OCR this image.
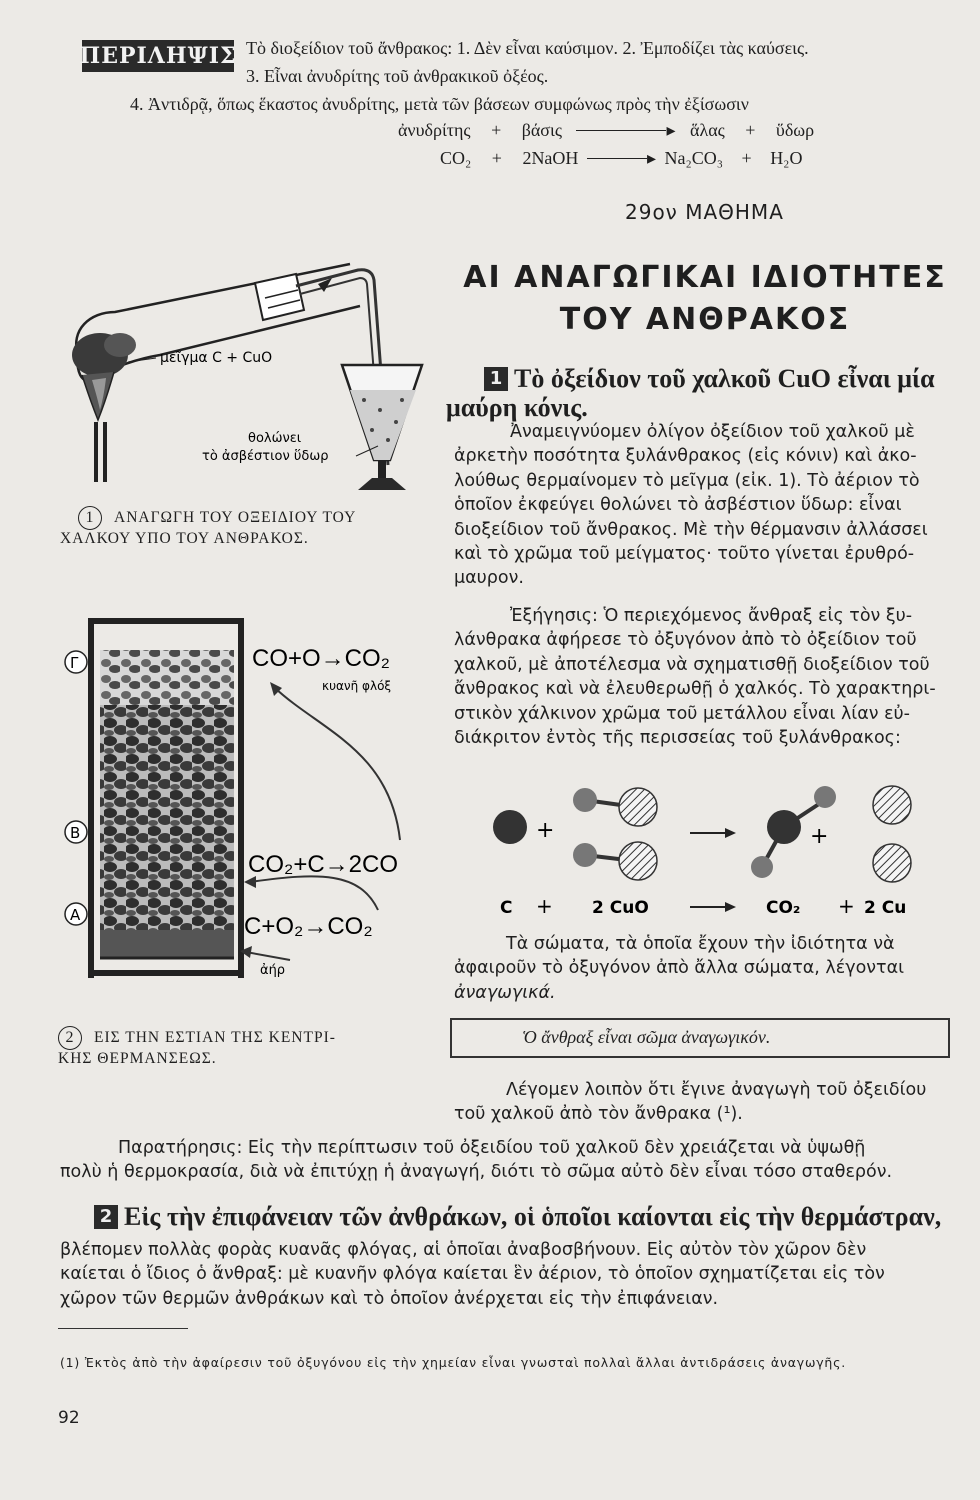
ΠΕΡΙΛΗΨΙΣ Τὸ διοξείδιον τοῦ ἄνθρακος: 1. Δὲν εἶναι καύσιμον. 2. Ἐμποδίζει τὰς καύσεις.
3. Εἶναι ἀνυδρίτης τοῦ ἀνθρακικοῦ ὀξέος.
4. Ἀντιδρᾷ, ὅπως ἕκαστος ἀνυδρίτης, μετὰ τῶν βάσεων συμφώνως πρὸς τὴν ἐξίσωσιν
ἀνυδρίτης + βάσις	▸ ἅλας + ὕδωρ
CO₂ + 2NaOH	▸ Na₂CO₃ + H₂O
29ον ΜΑΘΗΜΑ
ΑΙ ΑΝΑΓΩΓΙΚΑΙ ΙΔΙΟΤΗΤΕΣ
ΤΟΥ ΑΝΘΡΑΚΟΣ
1 Τὸ ὀξείδιον τοῦ χαλκοῦ CuO εἶναι μία
μαύρη κόνις.
Ἀναμειγνύομεν ὀλίγον ὀξείδιον τοῦ χαλκοῦ μὲ
ἀρκετὴν ποσότητα ξυλάνθρακος (εἰς κόνιν) καὶ ἀκο-
λούθως θερμαίνομεν τὸ μεῖγμα (εἰκ. 1). Τὸ ἀέριον τὸ
ὁποῖον ἐκφεύγει θολώνει τὸ ἀσβέστιον ὕδωρ: εἶναι
διοξείδιον τοῦ ἄνθρακος. Μὲ τὴν θέρμανσιν ἀλλάσσει
καὶ τὸ χρῶμα τοῦ μείγματος· τοῦτο γίνεται ἐρυθρό-
μαυρον.
Ἐξήγησις: Ὁ περιεχόμενος ἄνθραξ εἰς τὸν ξυ-
λάνθρακα ἀφήρεσε τὸ ὀξυγόνον ἀπὸ τὸ ὀξείδιον τοῦ
χαλκοῦ, μὲ ἀποτέλεσμα νὰ σχηματισθῇ διοξείδιον τοῦ
ἄνθρακος καὶ νὰ ἐλευθερωθῇ ὁ χαλκός. Τὸ χαρακτηρι-
στικὸν χάλκινον χρῶμα τοῦ μετάλλου εἶναι λίαν εὐ-
διάκριτον ἐντὸς τῆς περισσείας τοῦ ξυλάνθρακος:
+	+
C + 2 CuO	CO₂ + 2 Cu
Τὰ σώματα, τὰ ὁποῖα ἔχουν τὴν ἰδιότητα νὰ
ἀφαιροῦν τὸ ὀξυγόνον ἀπὸ ἄλλα σώματα, λέγονται
ἀναγωγικά.
Ὁ ἄνθραξ εἶναι σῶμα ἀναγωγικόν.
Λέγομεν λοιπὸν ὅτι ἔγινε ἀναγωγὴ τοῦ ὀξειδίου
τοῦ χαλκοῦ ἀπὸ τὸν ἄνθρακα (¹).
Παρατήρησις: Εἰς τὴν περίπτωσιν τοῦ ὀξειδίου τοῦ χαλκοῦ δὲν χρειάζεται νὰ ὑψωθῇ
πολὺ ἡ θερμοκρασία, διὰ νὰ ἐπιτύχῃ ἡ ἀναγωγή, διότι τὸ σῶμα αὐτὸ δὲν εἶναι τόσο σταθερόν.
2 Εἰς τὴν ἐπιφάνειαν τῶν ἀνθράκων, οἱ ὁποῖοι καίονται εἰς τὴν θερμάστραν,
βλέπομεν πολλὰς φορὰς κυανᾶς φλόγας, αἱ ὁποῖαι ἀναβοσβήνουν. Εἰς αὐτὸν τὸν χῶρον δὲν
καίεται ὁ ἴδιος ὁ ἄνθραξ: μὲ κυανῆν φλόγα καίεται ἓν ἀέριον, τὸ ὁποῖον σχηματίζεται εἰς τὸν
χῶρον τῶν θερμῶν ἀνθράκων καὶ τὸ ὁποῖον ἀνέρχεται εἰς τὴν ἐπιφάνειαν.
(1) Ἐκτὸς ἀπὸ τὴν ἀφαίρεσιν τοῦ ὀξυγόνου εἰς τὴν χημείαν εἶναι γνωσταὶ πολλαὶ ἄλλαι ἀντιδράσεις ἀναγωγῆς.
92
μεῖγμα C + CuO
θολώνει
τὸ ἀσβέστιον ὕδωρ
1 ΑΝΑΓΩΓΗ ΤΟΥ ΟΞΕΙΔΙΟΥ ΤΟΥ
ΧΑΛΚΟΥ ΥΠΟ ΤΟΥ ΑΝΘΡΑΚΟΣ.
Γ
Β
Α
CO+O→CO₂
κυανῆ φλόξ
CO₂+C→2CO
C+O₂→CO₂
ἀήρ
2 ΕΙΣ ΤΗΝ ΕΣΤΙΑΝ ΤΗΣ ΚΕΝΤΡΙ-
ΚΗΣ ΘΕΡΜΑΝΣΕΩΣ.
